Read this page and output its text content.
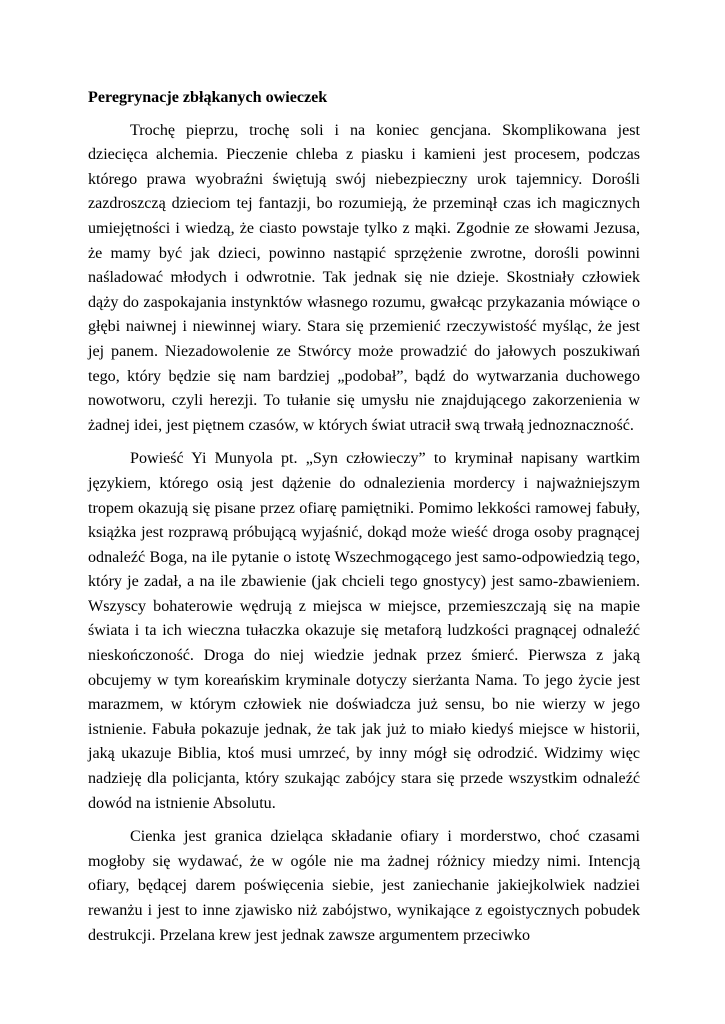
Peregrynacje zbłąkanych owieczek

Trochę pieprzu, trochę soli i na koniec gencjana. Skomplikowana jest dziecięca alchemia. Pieczenie chleba z piasku i kamieni jest procesem, podczas którego prawa wyobraźni świętują swój niebezpieczny urok tajemnicy. Dorośli zazdroszczą dzieciom tej fantazji, bo rozumieją, że przeminął czas ich magicznych umiejętności i wiedzą, że ciasto powstaje tylko z mąki. Zgodnie ze słowami Jezusa, że mamy być jak dzieci, powinno nastąpić sprzężenie zwrotne, dorośli powinni naśladować młodych i odwrotnie. Tak jednak się nie dzieje. Skostniały człowiek dąży do zaspokajania instynktów własnego rozumu, gwałcąc przykazania mówiące o głębi naiwnej i niewinnej wiary. Stara się przemienić rzeczywistość myśląc, że jest jej panem. Niezadowolenie ze Stwórcy może prowadzić do jałowych poszukiwań tego, który będzie się nam bardziej „podobał”, bądź do wytwarzania duchowego nowotworu, czyli herezji. To tułanie się umysłu nie znajdującego zakorzenienia w żadnej idei, jest piętnem czasów, w których świat utracił swą trwałą jednoznaczność.

Powieść Yi Munyola pt. „Syn człowieczy” to kryminał napisany wartkim językiem, którego osią jest dążenie do odnalezienia mordercy i najważniejszym tropem okazują się pisane przez ofiarę pamiętniki. Pomimo lekkości ramowej fabuły, książka jest rozprawą próbującą wyjaśnić, dokąd może wieść droga osoby pragnącej odnaleźć Boga, na ile pytanie o istotę Wszechmogącego jest samo-odpowiedzią tego, który je zadał, a na ile zbawienie (jak chcieli tego gnostycy) jest samo-zbawieniem. Wszyscy bohaterowie wędrują z miejsca w miejsce, przemieszczają się na mapie świata i ta ich wieczna tułaczka okazuje się metaforą ludzkości pragnącej odnaleźć nieskończoność. Droga do niej wiedzie jednak przez śmierć. Pierwsza z jaką obcujemy w tym koreańskim kryminale dotyczy sierżanta Nama. To jego życie jest marazmem, w którym człowiek nie doświadcza już sensu, bo nie wierzy w jego istnienie. Fabuła pokazuje jednak, że tak jak już to miało kiedyś miejsce w historii, jaką ukazuje Biblia, ktoś musi umrzeć, by inny mógł się odrodzić. Widzimy więc nadzieję dla policjanta, który szukając zabójcy stara się przede wszystkim odnaleźć dowód na istnienie Absolutu.

Cienka jest granica dzieląca składanie ofiary i morderstwo, choć czasami mogłoby się wydawać, że w ogóle nie ma żadnej różnicy miedzy nimi. Intencją ofiary, będącej darem poświęcenia siebie, jest zaniechanie jakiejkolwiek nadziei rewanżu i jest to inne zjawisko niż zabójstwo, wynikające z egoistycznych pobudek destrukcji. Przelana krew jest jednak zawsze argumentem przeciwko
